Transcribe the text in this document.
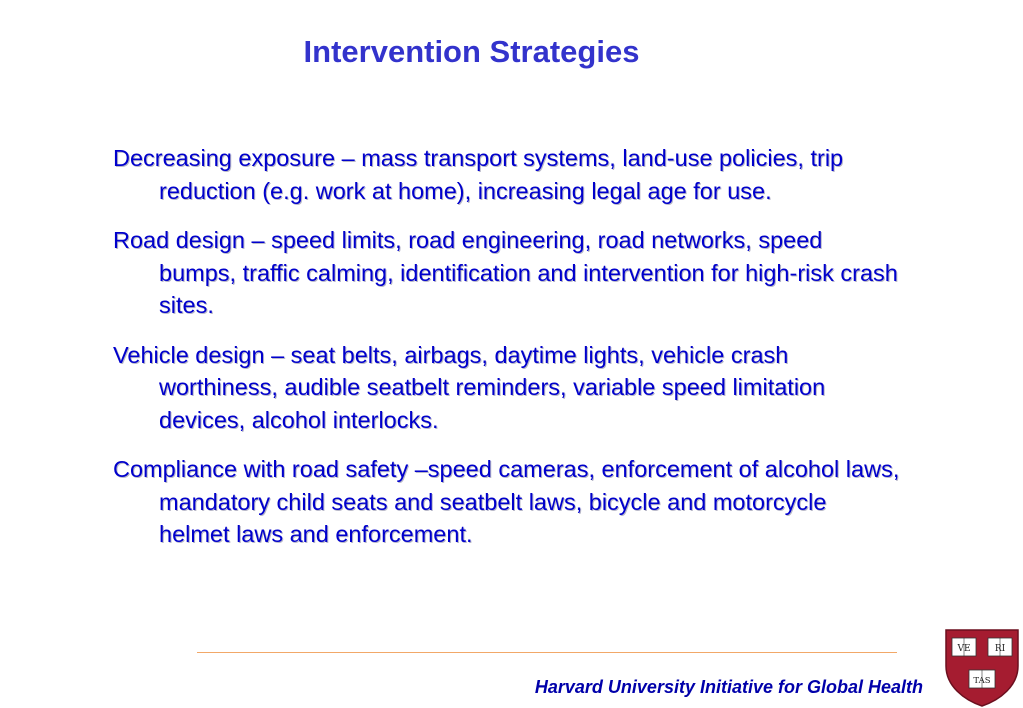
Intervention Strategies
Decreasing exposure – mass transport systems, land-use policies, trip reduction (e.g. work at home), increasing legal age for use.
Road design – speed limits, road engineering, road networks, speed bumps, traffic calming, identification and intervention for high-risk crash sites.
Vehicle design – seat belts, airbags, daytime lights, vehicle crash worthiness, audible seatbelt reminders, variable speed limitation devices, alcohol interlocks.
Compliance with road safety –speed cameras, enforcement of alcohol laws, mandatory child seats and seatbelt laws, bicycle and motorcycle helmet laws and enforcement.
Harvard University Initiative for Global Health
VE	RI
TAS
